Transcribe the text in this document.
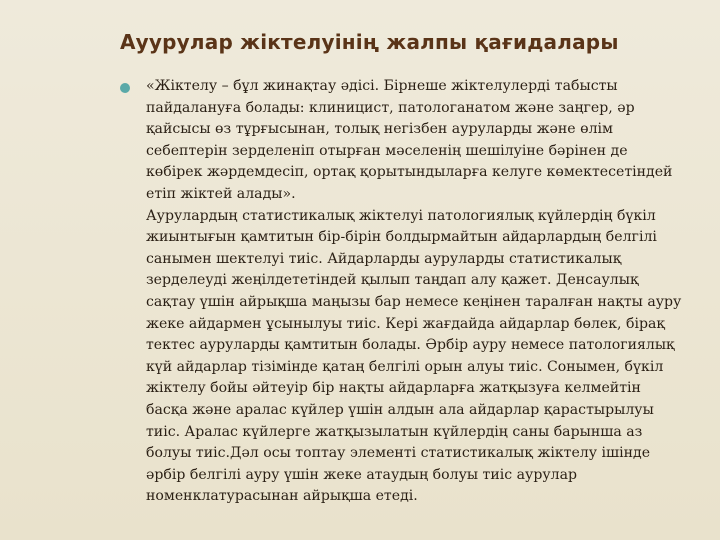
Ауурулар жіктелуінің жалпы қағидалары
«Жіктелу – бұл жинақтау әдісі. Бірнеше жіктелулерді табысты
пайдалануға болады: клиницист, патологанатом және заңгер, әр
қайсысы өз тұрғысынан, толық негізбен ауруларды және өлім
себептерін зерделеніп отырған мәселенің шешілуіне бәрінен де
көбірек жәрдемдесіп, ортақ қорытындыларға келуге көмектесетіндей
етіп жіктей алады».
Аурулардың статистикалық жіктелуі патологиялық күйлердің бүкіл
жиынтығын қамтитын бір-бірін болдырмайтын айдарлардың белгілі
санымен шектелуі тиіс. Айдарларды ауруларды статистикалық
зерделеуді жеңілдететіндей қылып таңдап алу қажет. Денсаулық
сақтау үшін айрықша маңызы бар немесе кеңінен таралған нақты ауру
жеке айдармен ұсынылуы тиіс. Кері жағдайда айдарлар бөлек, бірақ
тектес ауруларды қамтитын болады. Әрбір ауру немесе патологиялық
күй айдарлар тізімінде қатаң белгілі орын алуы тиіс. Сонымен, бүкіл
жіктелу бойы әйтеуір бір нақты айдарларға жатқызуға келмейтін
басқа және аралас күйлер үшін алдын ала айдарлар қарастырылуы
тиіс. Аралас күйлерге жатқызылатын күйлердің саны барынша аз
болуы тиіс.Дәл осы топтау элементі статистикалық жіктелу ішінде
әрбір белгілі ауру үшін жеке атаудың болуы тиіс аурулар
номенклатурасынан айрықша етеді.
